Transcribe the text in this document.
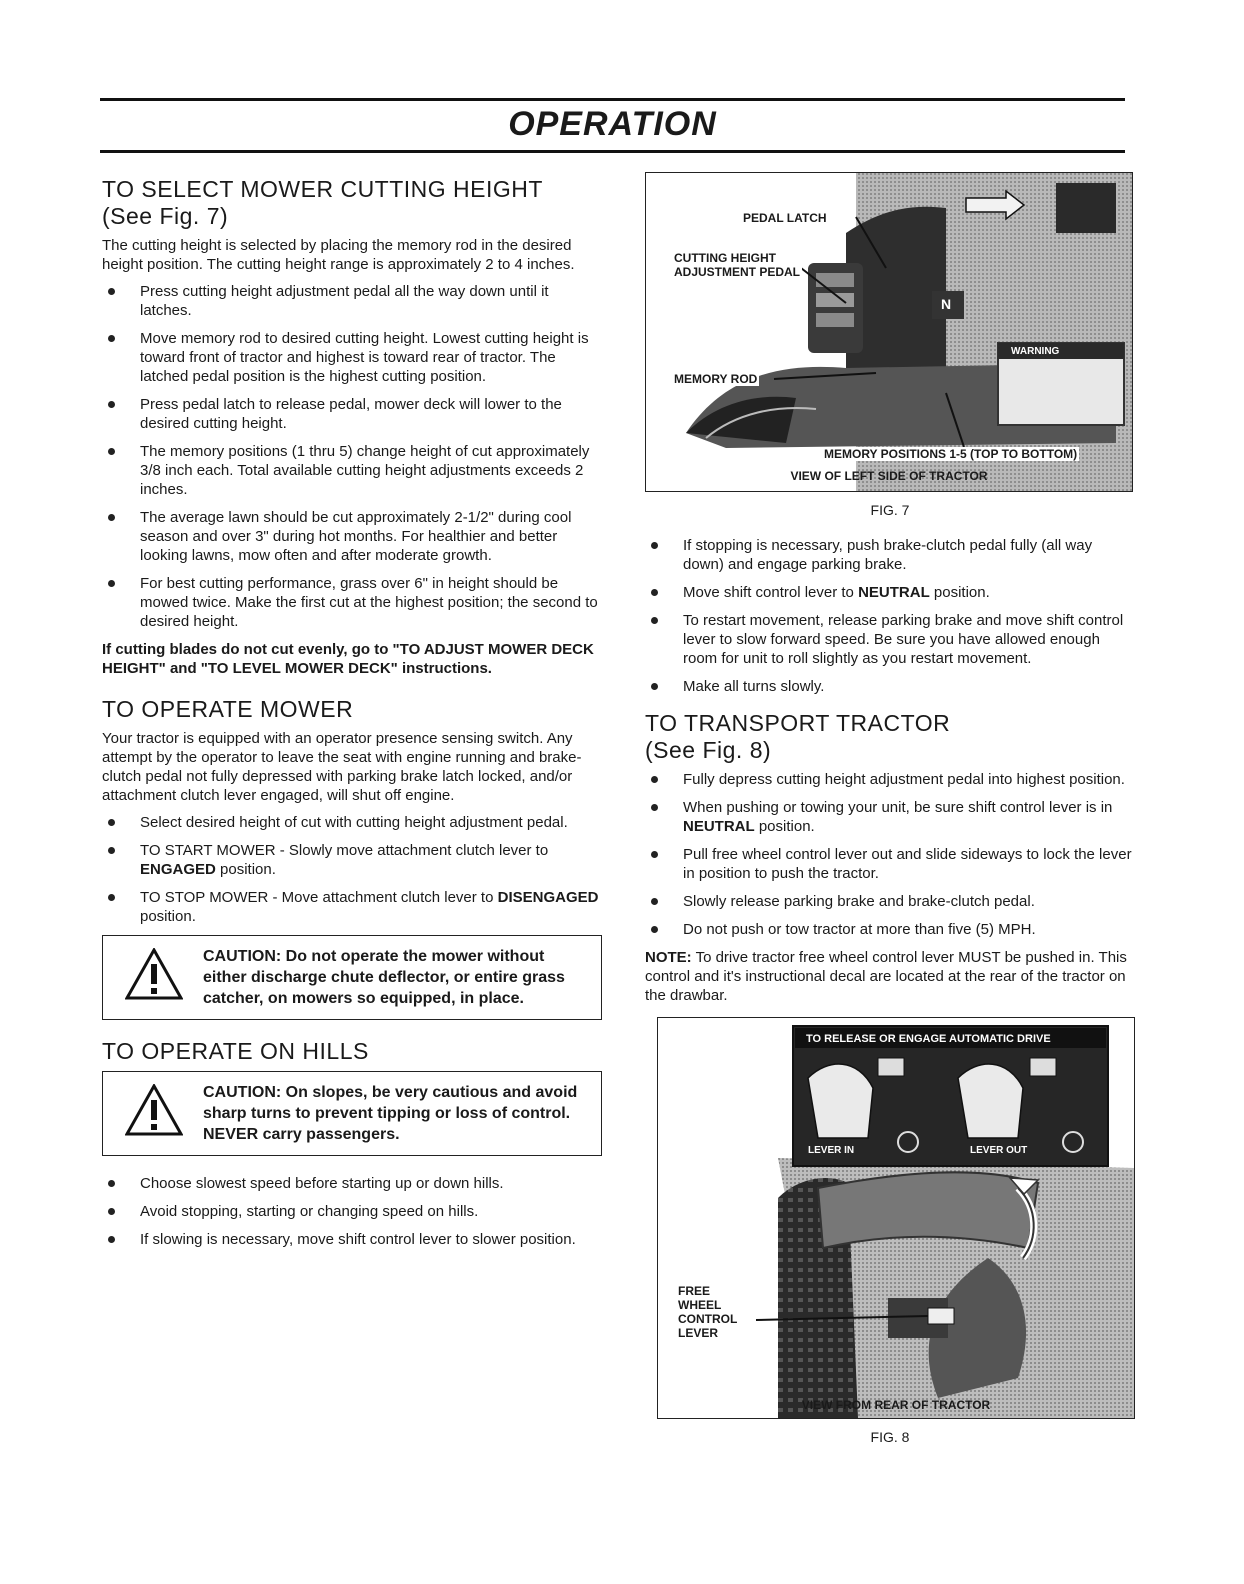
OPERATION
TO SELECT MOWER CUTTING HEIGHT
(See Fig. 7)

The cutting height is selected by placing the memory rod in the desired height position. The cutting height range is approximately 2 to 4 inches.

Press cutting height adjustment pedal all the way down until it latches.
Move memory rod to desired cutting height. Lowest cutting height is toward front of tractor and highest is toward rear of tractor. The latched pedal position is the highest cutting position.
Press pedal latch to release pedal, mower deck will lower to the desired cutting height.
The memory positions (1 thru 5) change height of cut approximately 3/8 inch each. Total available cutting height adjustments exceeds 2 inches.
The average lawn should be cut approximately 2-1/2" during cool season and over 3" during hot months. For healthier and better looking lawns, mow often and after moderate growth.
For best cutting performance, grass over 6" in height should be mowed twice. Make the first cut at the highest position; the second to desired height.

If cutting blades do not cut evenly, go to "TO ADJUST MOWER DECK HEIGHT" and "TO LEVEL MOWER DECK" instructions.

TO OPERATE MOWER

Your tractor is equipped with an operator presence sensing switch. Any attempt by the operator to leave the seat with engine running and brake-clutch pedal not fully depressed with parking brake latch locked, and/or attachment clutch lever engaged, will shut off engine.

Select desired height of cut with cutting height adjustment pedal.
TO START MOWER - Slowly move attachment clutch lever to ENGAGED position.
TO STOP MOWER - Move attachment clutch lever to DISENGAGED position.
CAUTION: Do not operate the mower without either discharge chute deflector, or entire grass catcher, on mowers so equipped, in place.
TO OPERATE ON HILLS
CAUTION: On slopes, be very cautious and avoid sharp turns to prevent tipping or loss of control. NEVER carry passengers.
Choose slowest speed before starting up or down hills.
Avoid stopping, starting or changing speed on hills.
If slowing is necessary, move shift control lever to slower position.
PEDAL LATCH
CUTTING HEIGHT
ADJUSTMENT PEDAL
MEMORY ROD
WARNING
N
MEMORY POSITIONS 1-5 (TOP TO BOTTOM)
VIEW OF LEFT SIDE OF TRACTOR
FIG. 7
If stopping is necessary, push brake-clutch pedal fully (all way down) and engage parking brake.
Move shift control lever to NEUTRAL position.
To restart movement, release parking brake and move shift control lever to slow forward speed. Be sure you have allowed enough room for unit to roll slightly as you restart movement.
Make all turns slowly.
TO TRANSPORT TRACTOR
(See Fig. 8)
Fully depress cutting height adjustment pedal into highest position.
When pushing or towing your unit, be sure shift control lever is in NEUTRAL position.
Pull free wheel control lever out and slide sideways to lock the lever in position to push the tractor.
Slowly release parking brake and brake-clutch pedal.
Do not push or tow tractor at more than five (5) MPH.

NOTE: To drive tractor free wheel control lever MUST be pushed in. This control and it's instructional decal are located at the rear of the tractor on the drawbar.

TO RELEASE OR ENGAGE AUTOMATIC DRIVE
LEVER IN	LEVER OUT
FREE
WHEEL
CONTROL
LEVER
VIEW FROM REAR OF TRACTOR
FIG. 8
